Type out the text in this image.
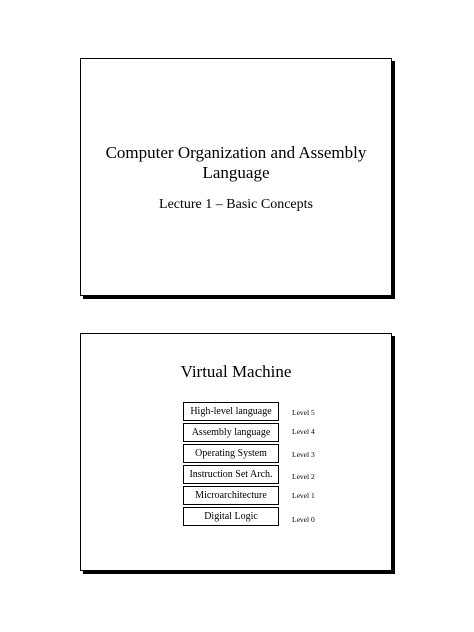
Computer Organization and Assembly
Language
Lecture 1 – Basic Concepts
Virtual Machine
High-level language
Assembly language
Operating System
Instruction Set Arch.
Microarchitecture
Digital Logic
Level 5
Level 4
Level 3
Level 2
Level 1
Level 0
